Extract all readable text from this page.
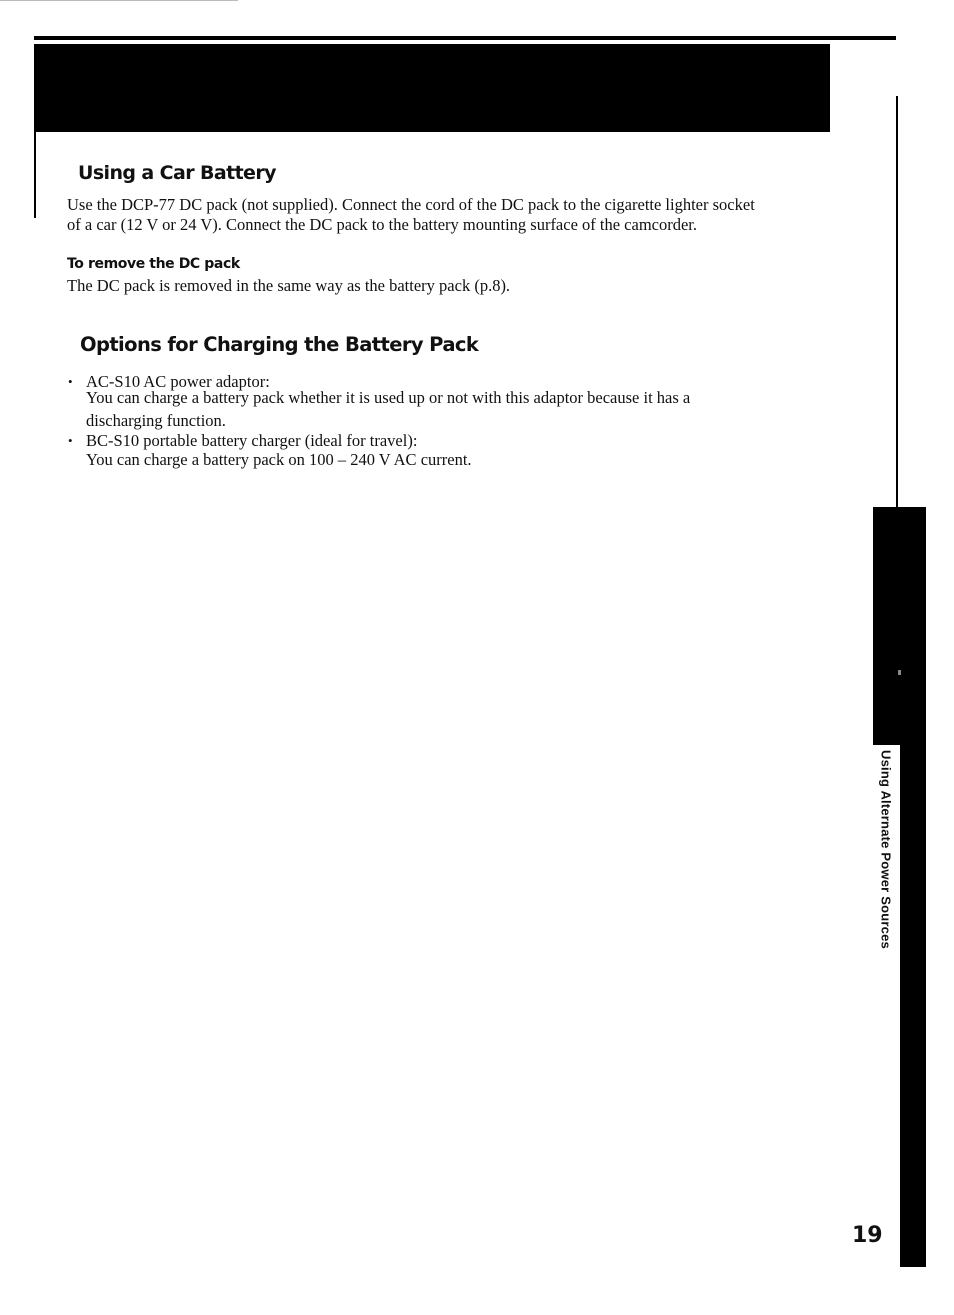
Using Alternate Power Sources
Using a Car Battery

Use the DCP-77 DC pack (not supplied). Connect the cord of the DC pack to the cigarette lighter socket

of a car (12 V or 24 V). Connect the DC pack to the battery mounting surface of the camcorder.

To remove the DC pack

The DC pack is removed in the same way as the battery pack (p.8).

Options for Charging the Battery Pack
• AC-S10 AC power adaptor:

You can charge a battery pack whether it is used up or not with this adaptor because it has a

discharging function.

• BC-S10 portable battery charger (ideal for travel):

You can charge a battery pack on 100 – 240 V AC current.

19
